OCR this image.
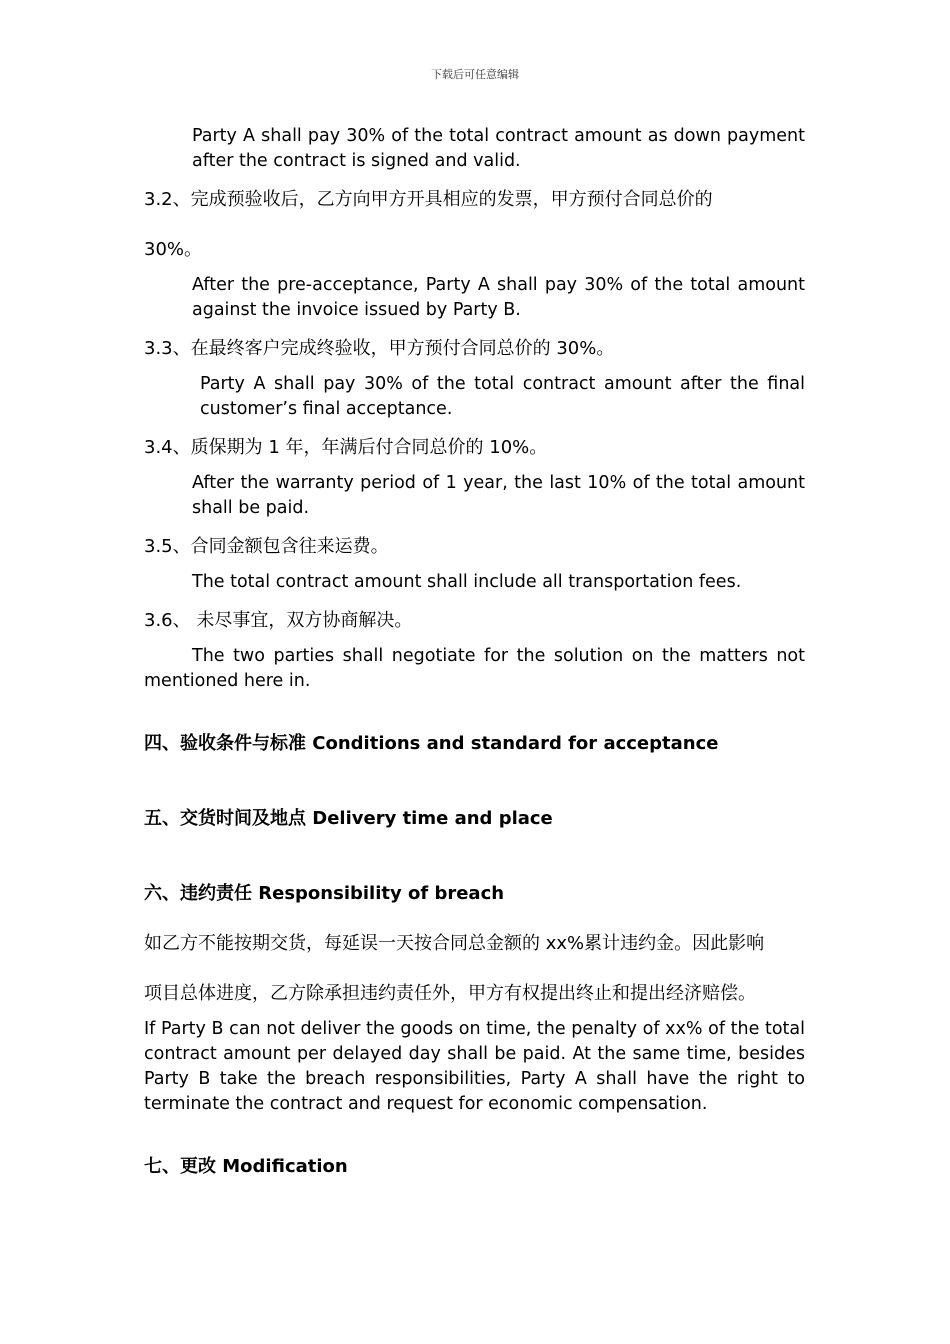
下载后可任意编辑

Party A shall pay 30% of the total contract amount as down payment after the contract is signed and valid.

3.2、完成预验收后，乙方向甲方开具相应的发票，甲方预付合同总价的

30%。

After the pre-acceptance, Party A shall pay 30% of the total amount against the invoice issued by Party B.

3.3、在最终客户完成终验收，甲方预付合同总价的 30%。

Party A shall pay 30% of the total contract amount after the final customer’s final acceptance.

3.4、质保期为 1 年，年满后付合同总价的 10%。

After the warranty period of 1 year, the last 10% of the total amount shall be paid.

3.5、合同金额包含往来运费。

The total contract amount shall include all transportation fees.

3.6、 未尽事宜，双方协商解决。

The two parties shall negotiate for the solution on the matters not mentioned here in.

四、验收条件与标准 Conditions and standard for acceptance

五、交货时间及地点 Delivery time and place

六、违约责任 Responsibility of breach

如乙方不能按期交货，每延误一天按合同总金额的 xx%累计违约金。因此影响

项目总体进度，乙方除承担违约责任外，甲方有权提出终止和提出经济赔偿。

If Party B can not deliver the goods on time, the penalty of xx% of the total contract amount per delayed day shall be paid. At the same time, besides Party B take the breach responsibilities, Party A shall have the right to terminate the contract and request for economic compensation.

七、更改 Modification
